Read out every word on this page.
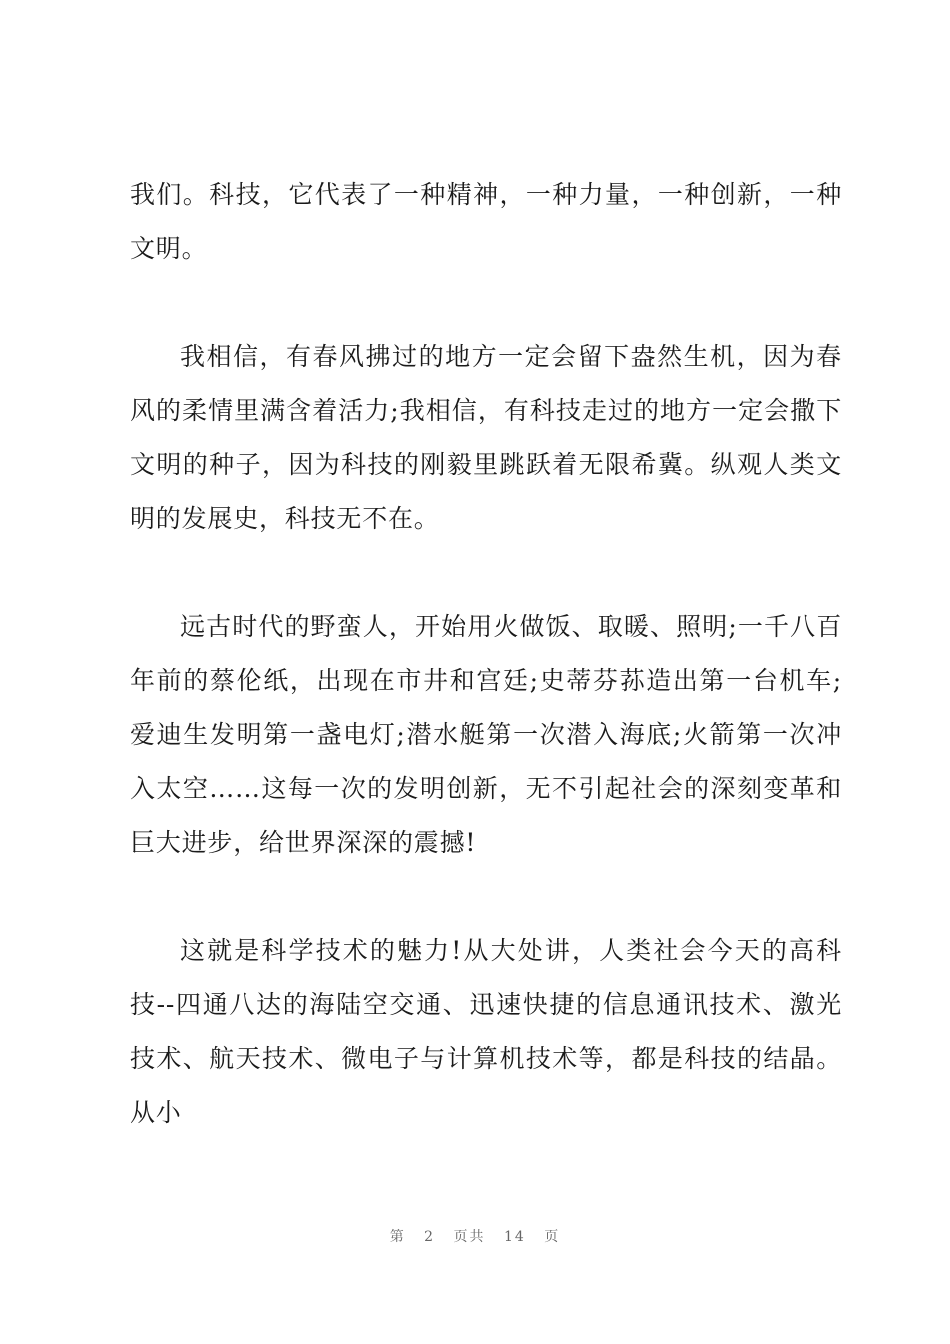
我们。科技，它代表了一种精神，一种力量，一种创新，一种文明。

我相信，有春风拂过的地方一定会留下盎然生机，因为春风的柔情里满含着活力;我相信，有科技走过的地方一定会撒下文明的种子，因为科技的刚毅里跳跃着无限希冀。纵观人类文明的发展史，科技无不在。

远古时代的野蛮人，开始用火做饭、取暖、照明;一千八百年前的蔡伦纸，出现在市井和宫廷;史蒂芬荪造出第一台机车;爱迪生发明第一盏电灯;潜水艇第一次潜入海底;火箭第一次冲入太空……这每一次的发明创新，无不引起社会的深刻变革和巨大进步，给世界深深的震撼!

这就是科学技术的魅力!从大处讲，人类社会今天的高科技--四通八达的海陆空交通、迅速快捷的信息通讯技术、激光技术、航天技术、微电子与计算机技术等，都是科技的结晶。从小

第 2 页共 14 页
